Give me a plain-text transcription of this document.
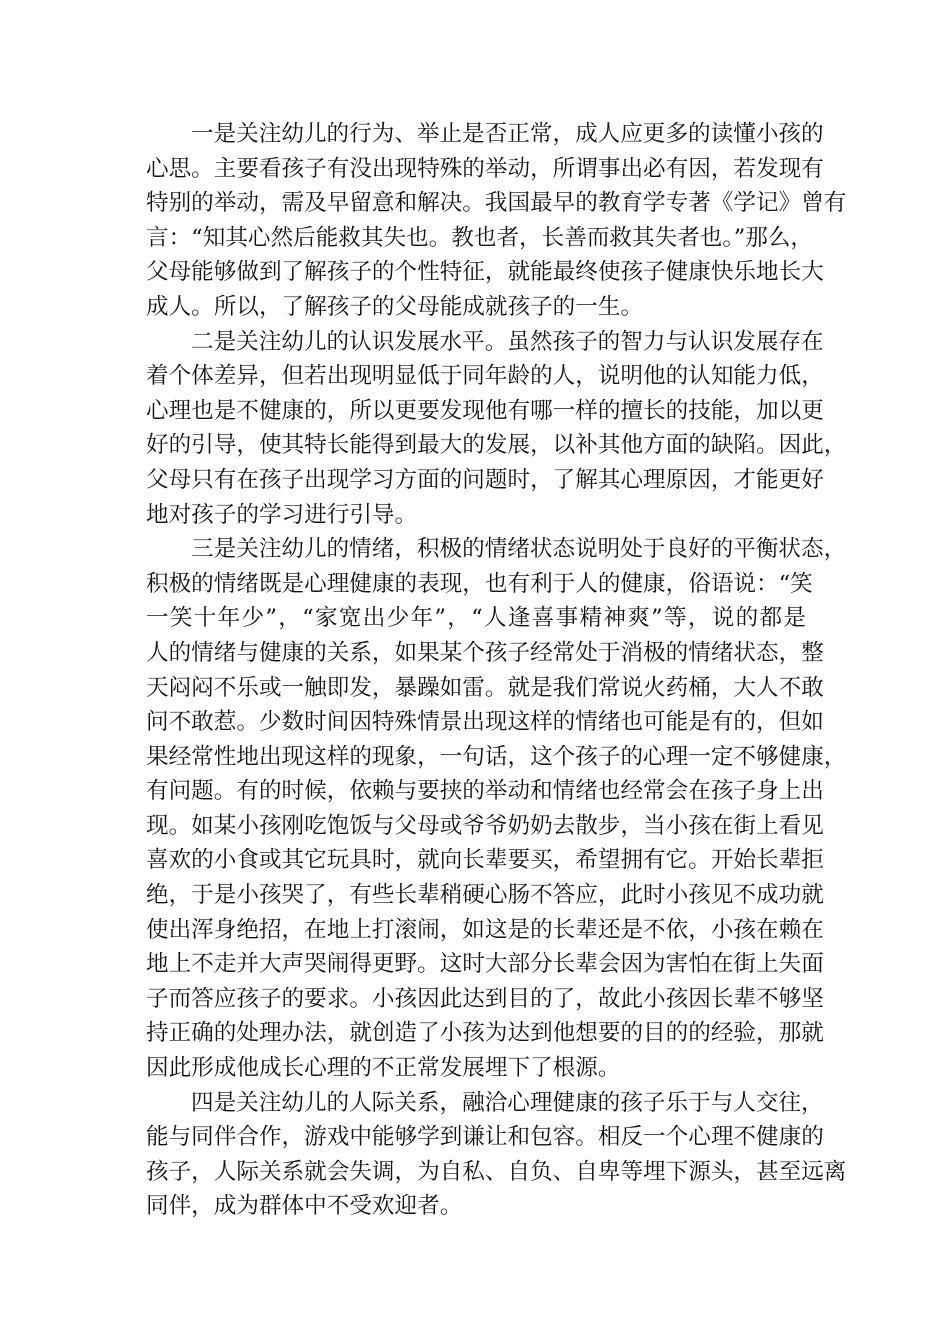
一是关注幼儿的行为、举止是否正常，成人应更多的读懂小孩的
心思。主要看孩子有没出现特殊的举动，所谓事出必有因，若发现有
特别的举动，需及早留意和解决。我国最早的教育学专著《学记》曾有
言：“知其心然后能救其失也。教也者，长善而救其失者也。”那么，
父母能够做到了解孩子的个性特征，就能最终使孩子健康快乐地长大
成人。所以，了解孩子的父母能成就孩子的一生。
二是关注幼儿的认识发展水平。虽然孩子的智力与认识发展存在
着个体差异，但若出现明显低于同年龄的人，说明他的认知能力低，
心理也是不健康的，所以更要发现他有哪一样的擅长的技能，加以更
好的引导，使其特长能得到最大的发展，以补其他方面的缺陷。因此，
父母只有在孩子出现学习方面的问题时，了解其心理原因，才能更好
地对孩子的学习进行引导。
三是关注幼儿的情绪，积极的情绪状态说明处于良好的平衡状态，
积极的情绪既是心理健康的表现，也有利于人的健康，俗语说：“笑
一笑十年少”，“家宽出少年”，“人逢喜事精神爽”等，说的都是
人的情绪与健康的关系，如果某个孩子经常处于消极的情绪状态，整
天闷闷不乐或一触即发，暴躁如雷。就是我们常说火药桶，大人不敢
问不敢惹。少数时间因特殊情景出现这样的情绪也可能是有的，但如
果经常性地出现这样的现象，一句话，这个孩子的心理一定不够健康，
有问题。有的时候，依赖与要挟的举动和情绪也经常会在孩子身上出
现。如某小孩刚吃饱饭与父母或爷爷奶奶去散步，当小孩在街上看见
喜欢的小食或其它玩具时，就向长辈要买，希望拥有它。开始长辈拒
绝，于是小孩哭了，有些长辈稍硬心肠不答应，此时小孩见不成功就
使出浑身绝招，在地上打滚闹，如这是的长辈还是不依，小孩在赖在
地上不走并大声哭闹得更野。这时大部分长辈会因为害怕在街上失面
子而答应孩子的要求。小孩因此达到目的了，故此小孩因长辈不够坚
持正确的处理办法，就创造了小孩为达到他想要的目的的经验，那就
因此形成他成长心理的不正常发展埋下了根源。
四是关注幼儿的人际关系，融洽心理健康的孩子乐于与人交往，
能与同伴合作，游戏中能够学到谦让和包容。相反一个心理不健康的
孩子，人际关系就会失调，为自私、自负、自卑等埋下源头，甚至远离
同伴，成为群体中不受欢迎者。
